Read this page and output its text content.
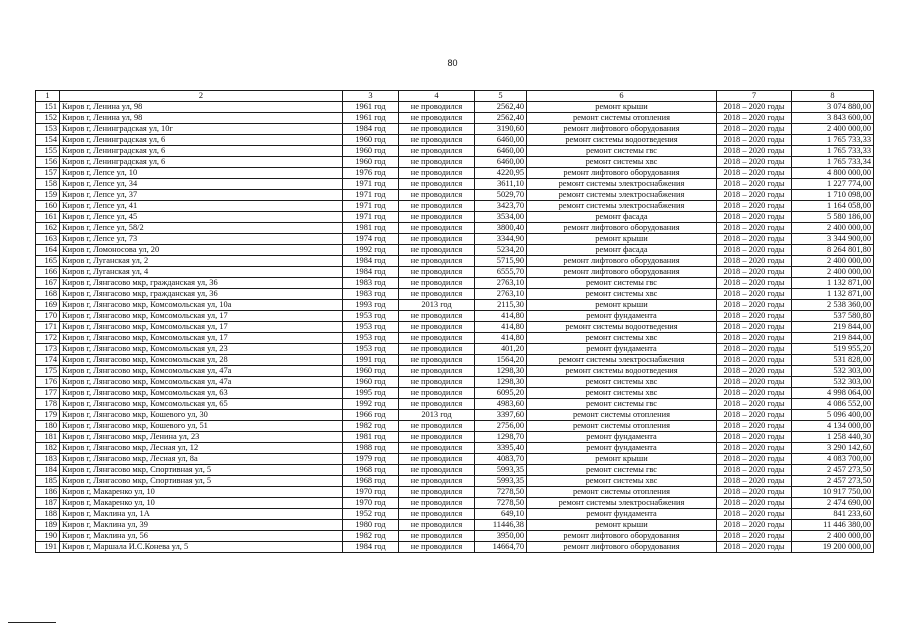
80
1	2	3	4	5	6	7	8
151	Киров г, Ленина ул, 98	1961 год	не проводился	2562,40	ремонт крыши	2018 – 2020 годы	3 074 880,00
152	Киров г, Ленина ул, 98	1961 год	не проводился	2562,40	ремонт системы отопления	2018 – 2020 годы	3 843 600,00
153	Киров г, Ленинградская ул, 10г	1984 год	не проводился	3190,60	ремонт лифтового оборудования	2018 – 2020 годы	2 400 000,00
154	Киров г, Ленинградская ул, 6	1960 год	не проводился	6460,00	ремонт системы водоотведения	2018 – 2020 годы	1 765 733,33
155	Киров г, Ленинградская ул, 6	1960 год	не проводился	6460,00	ремонт системы гвс	2018 – 2020 годы	1 765 733,33
156	Киров г, Ленинградская ул, 6	1960 год	не проводился	6460,00	ремонт системы хвс	2018 – 2020 годы	1 765 733,34
157	Киров г, Лепсе ул, 10	1976 год	не проводился	4220,95	ремонт лифтового оборудования	2018 – 2020 годы	4 800 000,00
158	Киров г, Лепсе ул, 34	1971 год	не проводился	3611,10	ремонт системы электроснабжения	2018 – 2020 годы	1 227 774,00
159	Киров г, Лепсе ул, 37	1971 год	не проводился	5029,70	ремонт системы электроснабжения	2018 – 2020 годы	1 710 098,00
160	Киров г, Лепсе ул, 41	1971 год	не проводился	3423,70	ремонт системы электроснабжения	2018 – 2020 годы	1 164 058,00
161	Киров г, Лепсе ул, 45	1971 год	не проводился	3534,00	ремонт фасада	2018 – 2020 годы	5 580 186,00
162	Киров г, Лепсе ул, 58/2	1981 год	не проводился	3800,40	ремонт лифтового оборудования	2018 – 2020 годы	2 400 000,00
163	Киров г, Лепсе ул, 73	1974 год	не проводился	3344,90	ремонт крыши	2018 – 2020 годы	3 344 900,00
164	Киров г, Ломоносова ул, 20	1992 год	не проводился	5234,20	ремонт фасада	2018 – 2020 годы	8 264 801,80
165	Киров г, Луганская ул, 2	1984 год	не проводился	5715,90	ремонт лифтового оборудования	2018 – 2020 годы	2 400 000,00
166	Киров г, Луганская ул, 4	1984 год	не проводился	6555,70	ремонт лифтового оборудования	2018 – 2020 годы	2 400 000,00
167	Киров г, Лянгасово мкр, гражданская ул, 36	1983 год	не проводился	2763,10	ремонт системы гвс	2018 – 2020 годы	1 132 871,00
168	Киров г, Лянгасово мкр, гражданская ул, 36	1983 год	не проводился	2763,10	ремонт системы хвс	2018 – 2020 годы	1 132 871,00
169	Киров г, Лянгасово мкр, Комсомольская ул, 10а	1993 год	2013 год	2115,30	ремонт крыши	2018 – 2020 годы	2 538 360,00
170	Киров г, Лянгасово мкр, Комсомольская ул, 17	1953 год	не проводился	414,80	ремонт фундамента	2018 – 2020 годы	537 580,80
171	Киров г, Лянгасово мкр, Комсомольская ул, 17	1953 год	не проводился	414,80	ремонт системы водоотведения	2018 – 2020 годы	219 844,00
172	Киров г, Лянгасово мкр, Комсомольская ул, 17	1953 год	не проводился	414,80	ремонт системы хвс	2018 – 2020 годы	219 844,00
173	Киров г, Лянгасово мкр, Комсомольская ул, 23	1953 год	не проводился	401,20	ремонт фундамента	2018 – 2020 годы	519 955,20
174	Киров г, Лянгасово мкр, Комсомольская ул, 28	1991 год	не проводился	1564,20	ремонт системы электроснабжения	2018 – 2020 годы	531 828,00
175	Киров г, Лянгасово мкр, Комсомольская ул, 47а	1960 год	не проводился	1298,30	ремонт системы водоотведения	2018 – 2020 годы	532 303,00
176	Киров г, Лянгасово мкр, Комсомольская ул, 47а	1960 год	не проводился	1298,30	ремонт системы хвс	2018 – 2020 годы	532 303,00
177	Киров г, Лянгасово мкр, Комсомольская ул, 63	1995 год	не проводился	6095,20	ремонт системы хвс	2018 – 2020 годы	4 998 064,00
178	Киров г, Лянгасово мкр, Комсомольская ул, 65	1992 год	не проводился	4983,60	ремонт системы гвс	2018 – 2020 годы	4 086 552,00
179	Киров г, Лянгасово мкр, Кошевого ул, 30	1966 год	2013 год	3397,60	ремонт системы отопления	2018 – 2020 годы	5 096 400,00
180	Киров г, Лянгасово мкр, Кошевого ул, 51	1982 год	не проводился	2756,00	ремонт системы отопления	2018 – 2020 годы	4 134 000,00
181	Киров г, Лянгасово мкр, Ленина ул, 23	1981 год	не проводился	1298,70	ремонт фундамента	2018 – 2020 годы	1 258 440,30
182	Киров г, Лянгасово мкр, Лесная ул, 12	1988 год	не проводился	3395,40	ремонт фундамента	2018 – 2020 годы	3 290 142,60
183	Киров г, Лянгасово мкр, Лесная ул, 8а	1979 год	не проводился	4083,70	ремонт крыши	2018 – 2020 годы	4 083 700,00
184	Киров г, Лянгасово мкр, Спортивная ул, 5	1968 год	не проводился	5993,35	ремонт системы гвс	2018 – 2020 годы	2 457 273,50
185	Киров г, Лянгасово мкр, Спортивная ул, 5	1968 год	не проводился	5993,35	ремонт системы хвс	2018 – 2020 годы	2 457 273,50
186	Киров г, Макаренко ул, 10	1970 год	не проводился	7278,50	ремонт системы отопления	2018 – 2020 годы	10 917 750,00
187	Киров г, Макаренко ул, 10	1970 год	не проводился	7278,50	ремонт системы электроснабжения	2018 – 2020 годы	2 474 690,00
188	Киров г, Маклина ул, 1А	1952 год	не проводился	649,10	ремонт фундамента	2018 – 2020 годы	841 233,60
189	Киров г, Маклина ул, 39	1980 год	не проводился	11446,38	ремонт крыши	2018 – 2020 годы	11 446 380,00
190	Киров г, Маклина ул, 56	1982 год	не проводился	3950,00	ремонт лифтового оборудования	2018 – 2020 годы	2 400 000,00
191	Киров г, Маршала И.С.Конева ул, 5	1984 год	не проводился	14664,70	ремонт лифтового оборудования	2018 – 2020 годы	19 200 000,00
